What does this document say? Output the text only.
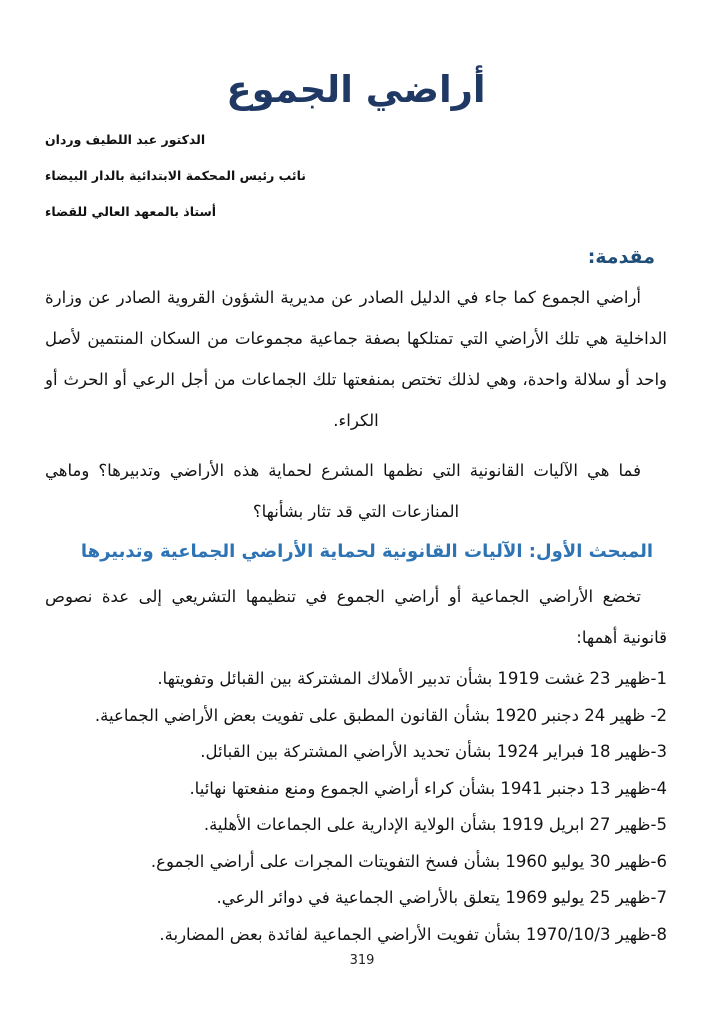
أراضي الجموع
الدكتور عبد اللطيف وردان
نائب رئيس المحكمة الابتدائية بالدار البيضاء
أستاذ بالمعهد العالي للقضاء
مقدمة:

أراضي الجموع كما جاء في الدليل الصادر عن مديرية الشؤون القروية الصادر عن وزارة الداخلية هي تلك الأراضي التي تمتلكها بصفة جماعية مجموعات من السكان المنتمين لأصل واحد أو سلالة واحدة، وهي لذلك تختص بمنفعتها تلك الجماعات من أجل الرعي أو الحرث أو الكراء.

فما هي الآليات القانونية التي نظمها المشرع لحماية هذه الأراضي وتدبيرها؟ وماهي المنازعات التي قد تثار بشأنها؟

المبحث الأول: الآليات القانونية لحماية الأراضي الجماعية وتدبيرها

تخضع الأراضي الجماعية أو أراضي الجموع في تنظيمها التشريعي إلى عدة نصوص قانونية أهمها:

1-ظهير 23 غشت 1919 بشأن تدبير الأملاك المشتركة بين القبائل وتفويتها.
2- ظهير 24 دجنبر 1920 بشأن القانون المطبق على تفويت بعض الأراضي الجماعية.
3-ظهير 18 فبراير 1924 بشأن تحديد الأراضي المشتركة بين القبائل.
4-ظهير 13 دجنبر 1941 بشأن كراء أراضي الجموع ومنع منفعتها نهائيا.
5-ظهير 27 ابريل 1919 بشأن الولاية الإدارية على الجماعات الأهلية.
6-ظهير 30 يوليو 1960 بشأن فسخ التفويتات المجرات على أراضي الجموع.
7-ظهير 25 يوليو 1969 يتعلق بالأراضي الجماعية في دوائر الرعي.
8-ظهير 1970/10/3 بشأن تفويت الأراضي الجماعية لفائدة بعض المضاربة.
319
